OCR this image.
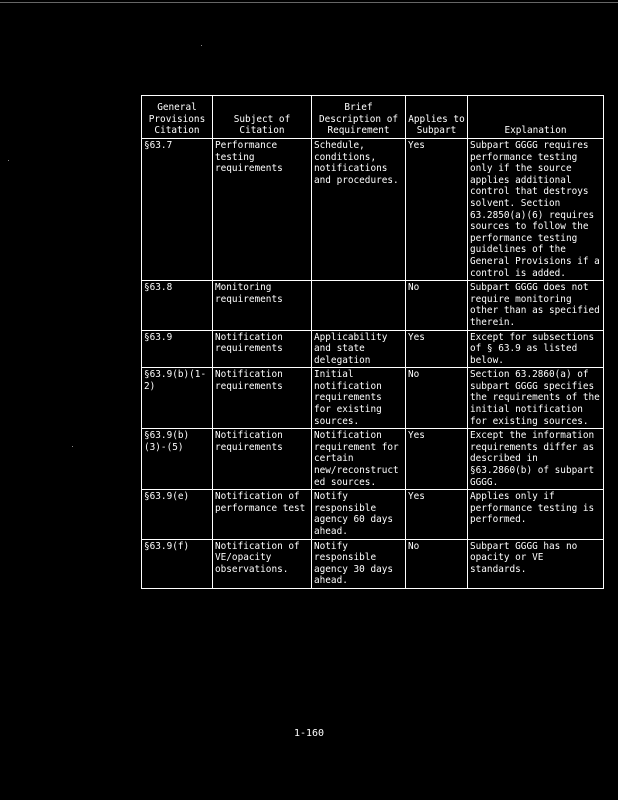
General Provisions Citation	Subject of Citation	Brief Description of Requirement	Applies to Subpart	Explanation
§63.7	Performance testing requirements	Schedule, conditions, notifications and procedures.	Yes	Subpart GGGG requires performance testing only if the source applies additional control that destroys solvent. Section 63.2850(a)(6) requires sources to follow the performance testing guidelines of the General Provisions if a control is added.
§63.8	Monitoring requirements		No	Subpart GGGG does not require monitoring other than as specified therein.
§63.9	Notification requirements	Applicability and state delegation	Yes	Except for subsections of § 63.9 as listed below.
§63.9(b)(1-2)	Notification requirements	Initial notification requirements for existing sources.	No	Section 63.2860(a) of subpart GGGG specifies the requirements of the initial notification for existing sources.
§63.9(b)(3)-(5)	Notification requirements	Notification requirement for certain new/reconstructed sources.	Yes	Except the information requirements differ as described in §63.2860(b) of subpart GGGG.
§63.9(e)	Notification of performance test	Notify responsible agency 60 days ahead.	Yes	Applies only if performance testing is performed.
§63.9(f)	Notification of VE/opacity observations.	Notify responsible agency 30 days ahead.	No	Subpart GGGG has no opacity or VE standards.
1-160
